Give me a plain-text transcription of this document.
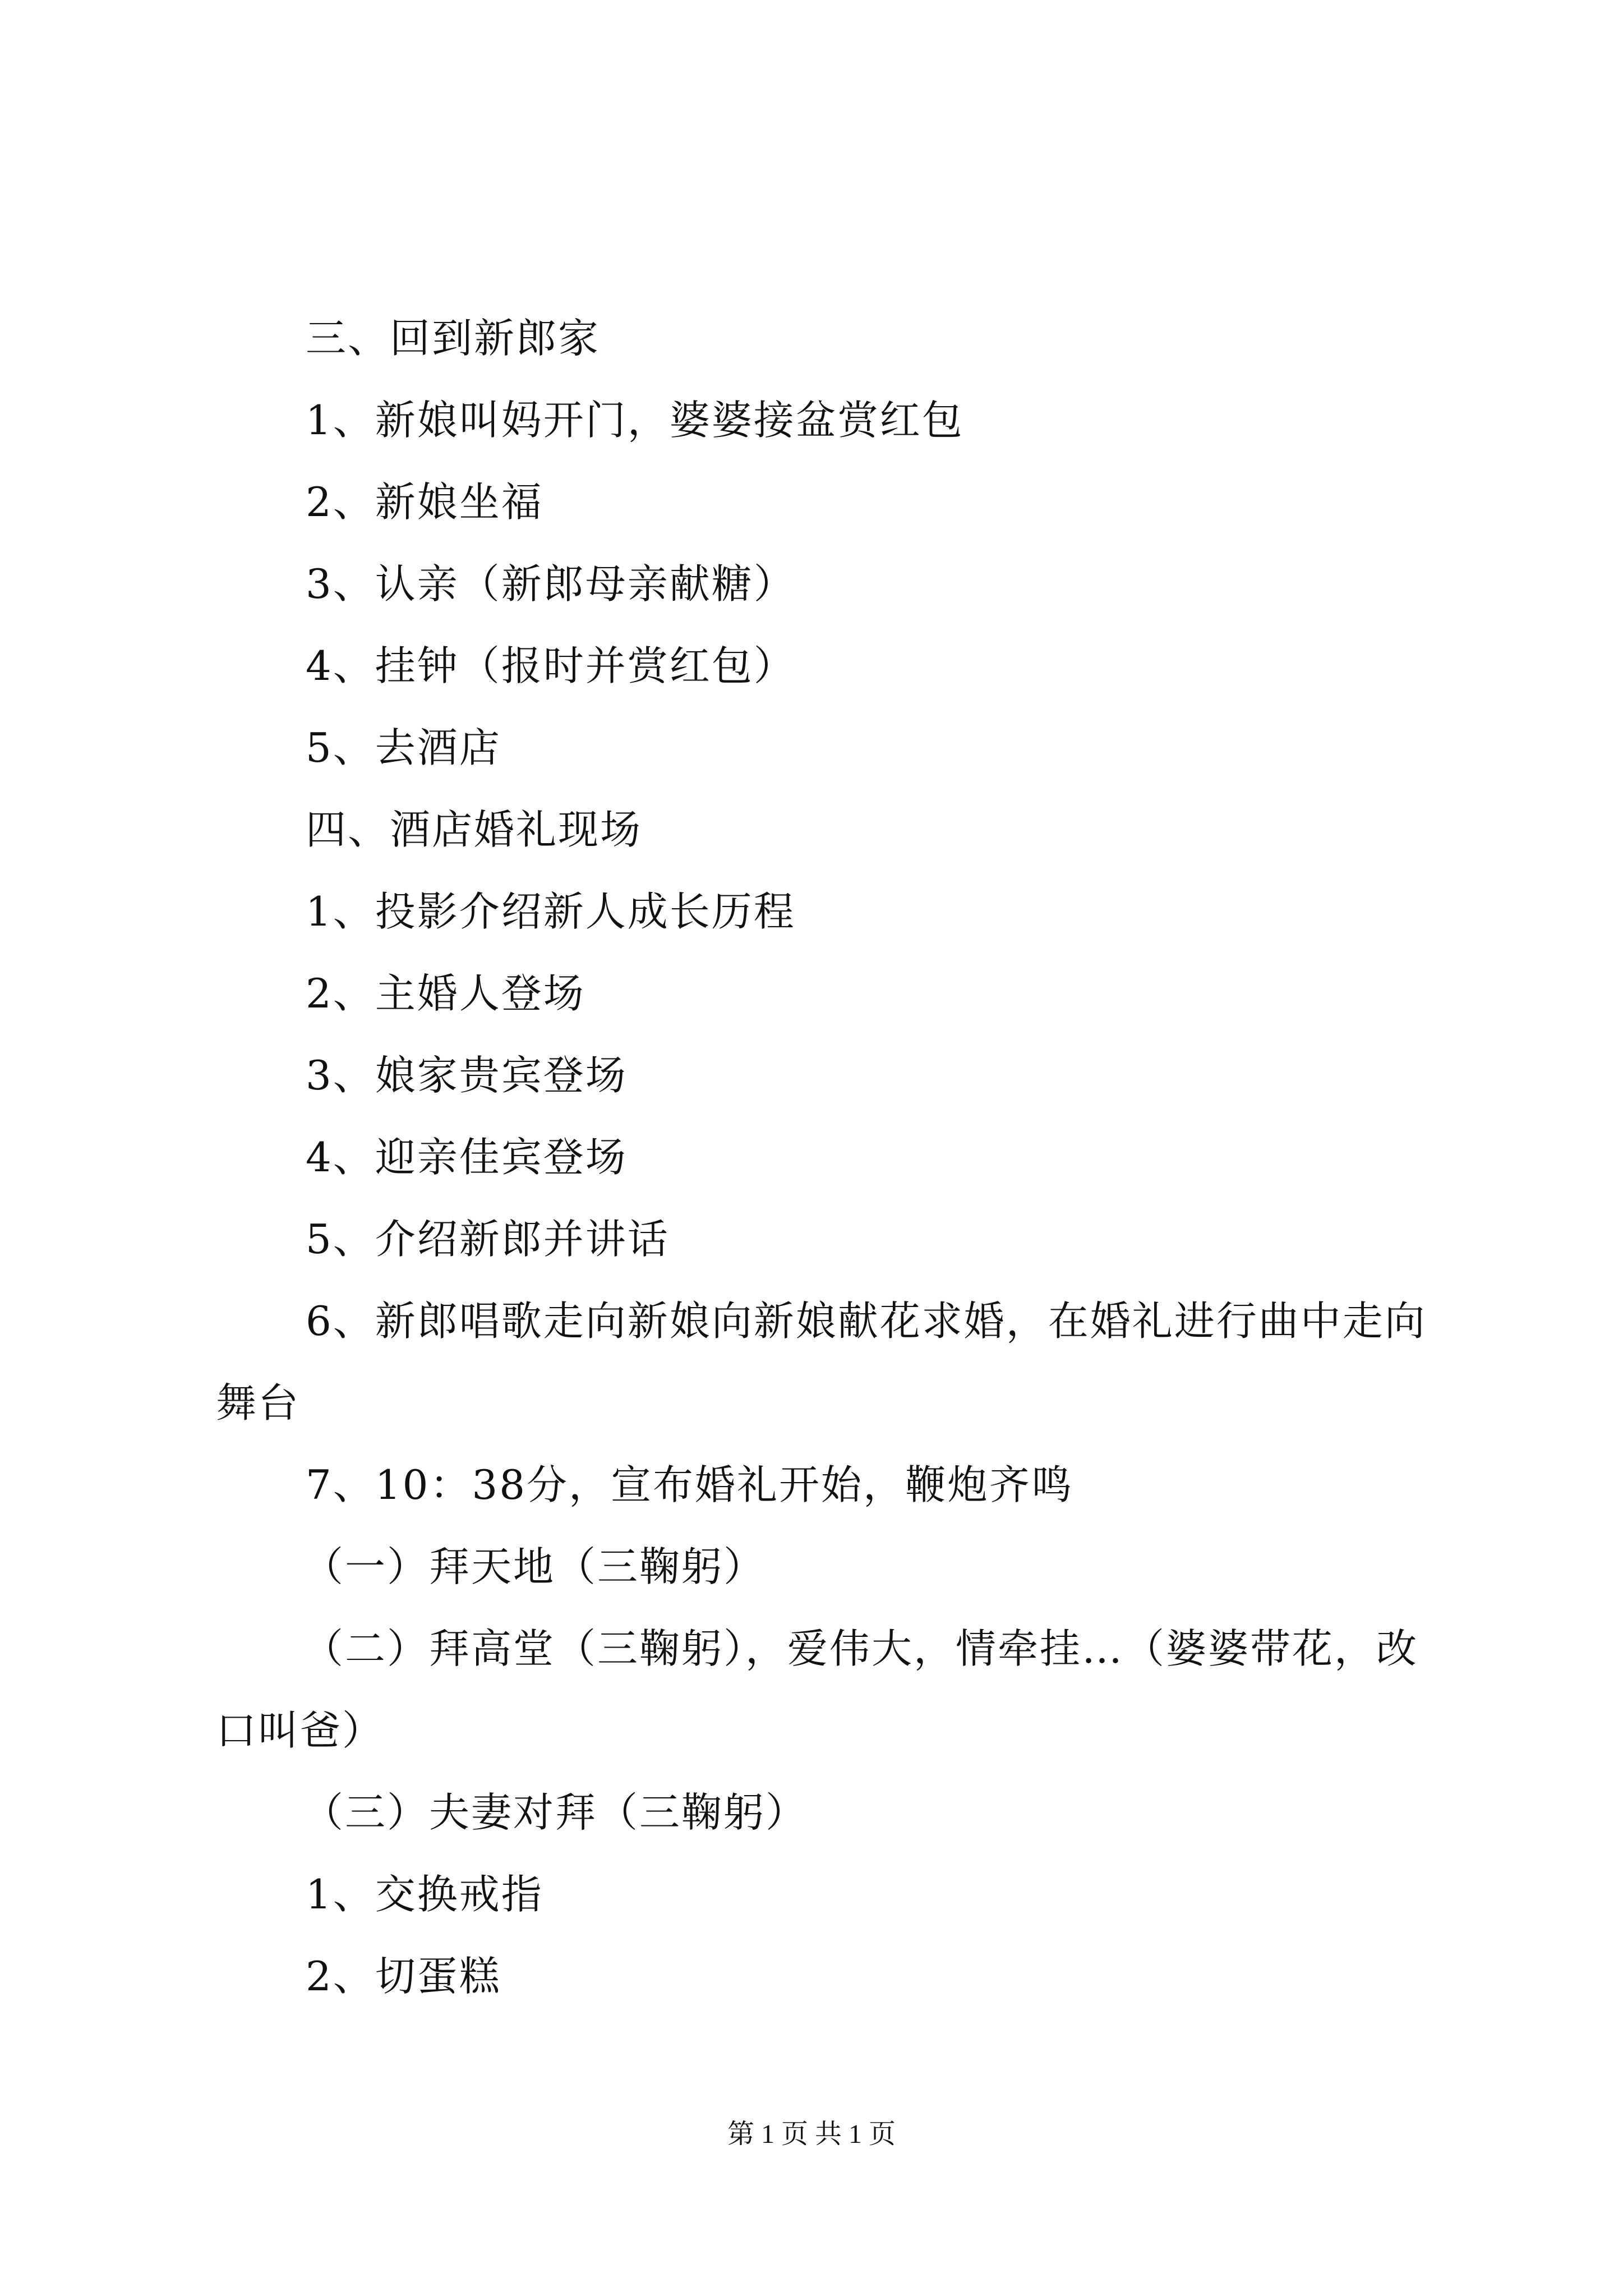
三、回到新郎家
1、新娘叫妈开门，婆婆接盆赏红包
2、新娘坐福
3、认亲（新郎母亲献糖）
4、挂钟（报时并赏红包）
5、去酒店
四、酒店婚礼现场
1、投影介绍新人成长历程
2、主婚人登场
3、娘家贵宾登场
4、迎亲佳宾登场
5、介绍新郎并讲话
6、新郎唱歌走向新娘向新娘献花求婚，在婚礼进行曲中走向舞台
7、10：38分，宣布婚礼开始，鞭炮齐鸣
（一）拜天地（三鞠躬）
（二）拜高堂（三鞠躬），爱伟大，情牵挂…（婆婆带花，改口叫爸）
（三）夫妻对拜（三鞠躬）
1、交换戒指
2、切蛋糕
第 1 页 共 1 页
